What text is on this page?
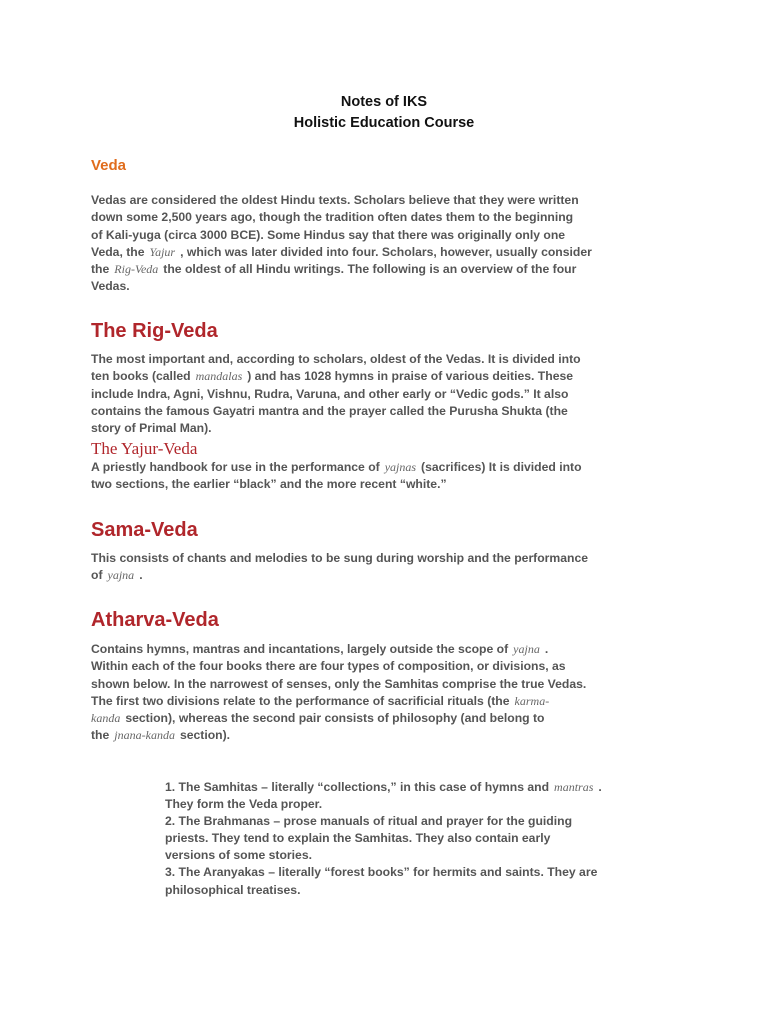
Notes of IKS
Holistic Education Course
Veda
Vedas are considered the oldest Hindu texts. Scholars believe that they were written
down some 2,500 years ago, though the tradition often dates them to the beginning
of Kali-yuga (circa 3000 BCE). Some Hindus say that there was originally only one
Veda, the Yajur , which was later divided into four. Scholars, however, usually consider
the Rig-Veda the oldest of all Hindu writings. The following is an overview of the four
Vedas.
The Rig-Veda
The most important and, according to scholars, oldest of the Vedas. It is divided into
ten books (called mandalas ) and has 1028 hymns in praise of various deities. These
include Indra, Agni, Vishnu, Rudra, Varuna, and other early or “Vedic gods.” It also
contains the famous Gayatri mantra and the prayer called the Purusha Shukta (the
story of Primal Man).
The Yajur-Veda
A priestly handbook for use in the performance of yajnas (sacrifices) It is divided into
two sections, the earlier “black” and the more recent “white.”
Sama-Veda
This consists of chants and melodies to be sung during worship and the performance
of yajna .
Atharva-Veda
Contains hymns, mantras and incantations, largely outside the scope of yajna .
Within each of the four books there are four types of composition, or divisions, as
shown below. In the narrowest of senses, only the Samhitas comprise the true Vedas.
The first two divisions relate to the performance of sacrificial rituals (the karma-
kanda section), whereas the second pair consists of philosophy (and belong to
the jnana-kanda section).
1. The Samhitas – literally “collections,” in this case of hymns and mantras .
They form the Veda proper.
2. The Brahmanas – prose manuals of ritual and prayer for the guiding
priests. They tend to explain the Samhitas. They also contain early
versions of some stories.
3. The Aranyakas – literally “forest books” for hermits and saints. They are
philosophical treatises.
